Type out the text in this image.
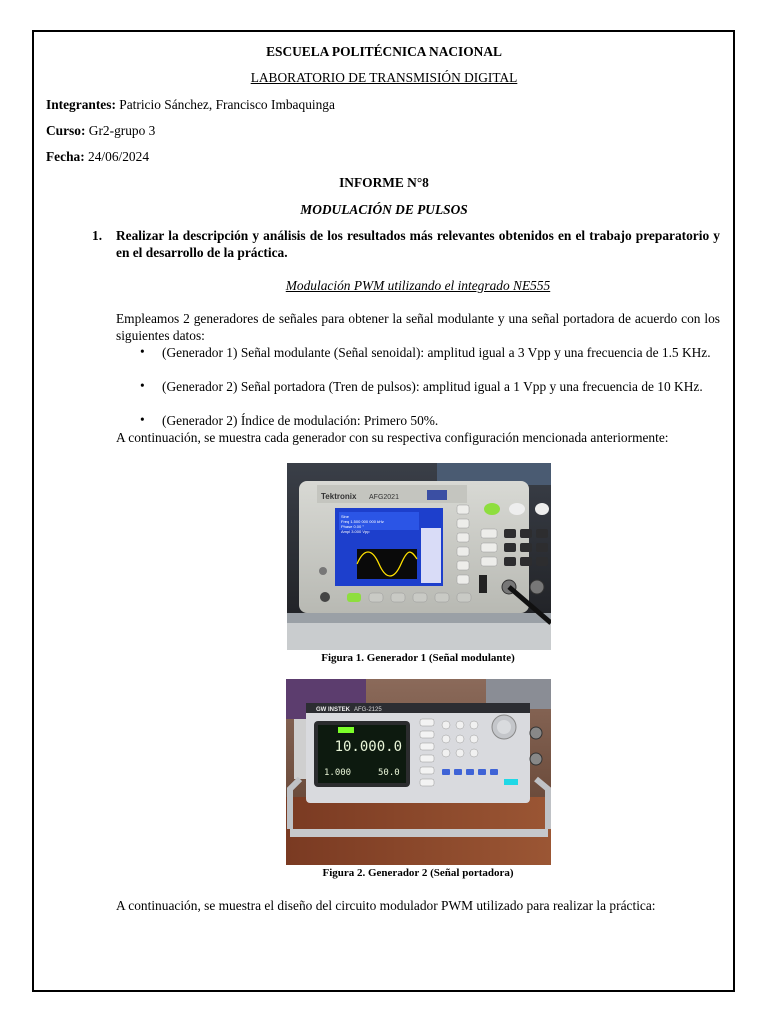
ESCUELA POLITÉCNICA NACIONAL
LABORATORIO DE TRANSMISIÓN DIGITAL
Integrantes: Patricio Sánchez, Francisco Imbaquinga
Curso: Gr2-grupo 3
Fecha: 24/06/2024
INFORME N°8
MODULACIÓN DE PULSOS
1. Realizar la descripción y análisis de los resultados más relevantes obtenidos en el trabajo preparatorio y en el desarrollo de la práctica.
Modulación PWM utilizando el integrado NE555
Empleamos 2 generadores de señales para obtener la señal modulante y una señal portadora de acuerdo con los siguientes datos:
• (Generador 1) Señal modulante (Señal senoidal): amplitud igual a 3 Vpp y una frecuencia de 1.5 KHz.
• (Generador 2) Señal portadora (Tren de pulsos): amplitud igual a 1 Vpp y una frecuencia de 10 KHz.
• (Generador 2) Índice de modulación: Primero 50%.
A continuación, se muestra cada generador con su respectiva configuración mencionada anteriormente:
Tektronix AFG2021
Sine
Freq 1.500 000 000 kHz
Phase 0.00 °
Ampl 3.000 Vpp
Figura 1. Generador 1 (Señal modulante)
GW INSTEK AFG-2125
10.000.0
1.000	50.0
Figura 2. Generador 2 (Señal portadora)
A continuación, se muestra el diseño del circuito modulador PWM utilizado para realizar la práctica:
